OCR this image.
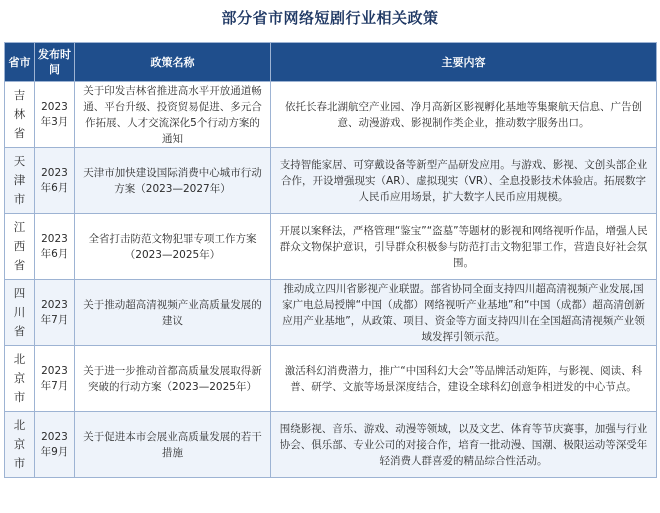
部分省市网络短剧行业相关政策
省市	发布时间	政策名称	主要内容
吉林省	2023年3月	关于印发吉林省推进高水平开放通道畅通、平台升级、投资贸易促进、多元合作拓展、人才交流深化5个行动方案的通知	依托长春北湖航空产业园、净月高新区影视孵化基地等集聚航天信息、广告创意、动漫游戏、影视制作类企业，推动数字服务出口。
天津市	2023年6月	天津市加快建设国际消费中心城市行动方案（2023—2027年）	支持智能家居、可穿戴设备等新型产品研发应用。与游戏、影视、文创头部企业合作，开设增强现实（AR）、虚拟现实（VR）、全息投影技术体验店。拓展数字人民币应用场景，扩大数字人民币应用规模。
江西省	2023年6月	全省打击防范文物犯罪专项工作方案（2023—2025年）	开展以案释法，严格管理“鉴宝”“盗墓”等题材的影视和网络视听作品，增强人民群众文物保护意识，引导群众积极参与防范打击文物犯罪工作，营造良好社会氛围。
四川省	2023年7月	关于推动超高清视频产业高质量发展的建议	推动成立四川省影视产业联盟。部省协同全面支持四川超高清视频产业发展,国家广电总局授牌“中国（成都）网络视听产业基地”和“中国（成都）超高清创新应用产业基地”，从政策、项目、资金等方面支持四川在全国超高清视频产业领域发挥引领示范。
北京市	2023年7月	关于进一步推动首都高质量发展取得新突破的行动方案（2023—2025年）	激活科幻消费潜力，推广“中国科幻大会”等品牌活动矩阵，与影视、阅读、科普、研学、文旅等场景深度结合，建设全球科幻创意争相迸发的中心节点。
北京市	2023年9月	关于促进本市会展业高质量发展的若干措施	围绕影视、音乐、游戏、动漫等领域，以及文艺、体育等节庆赛事，加强与行业协会、俱乐部、专业公司的对接合作，培育一批动漫、国潮、极限运动等深受年轻消费人群喜爱的精品综合性活动。
